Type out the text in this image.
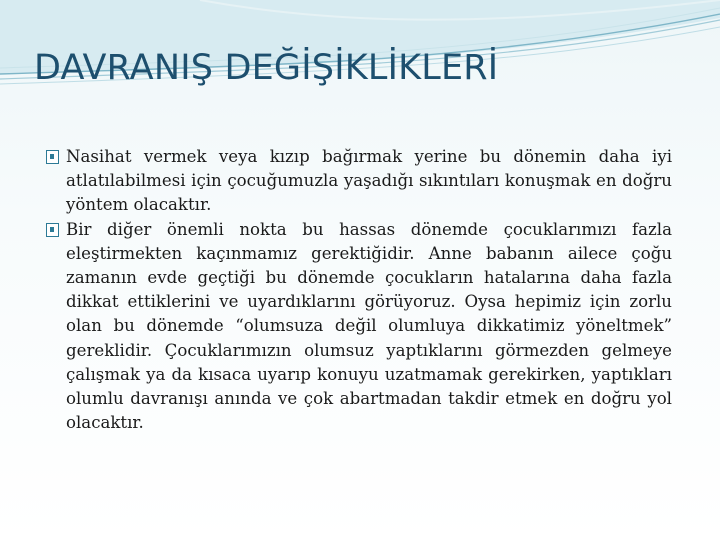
DAVRANIŞ DEĞİŞİKLİKLERİ

Nasihat vermek veya kızıp bağırmak yerine bu dönemin daha iyi atlatılabilmesi için çocuğumuzla yaşadığı sıkıntıları konuşmak en doğru yöntem olacaktır.

Bir diğer önemli nokta bu hassas dönemde çocuklarımızı fazla eleştirmekten kaçınmamız gerektiğidir. Anne babanın ailece çoğu zamanın evde geçtiği bu dönemde çocukların hatalarına daha fazla dikkat ettiklerini ve uyardıklarını görüyoruz. Oysa hepimiz için zorlu olan bu dönemde “olumsuza değil olumluya dikkatimiz yöneltmek” gereklidir. Çocuklarımızın olumsuz yaptıklarını görmezden gelmeye çalışmak ya da kısaca uyarıp konuyu uzatmamak gerekirken, yaptıkları olumlu davranışı anında ve çok abartmadan takdir etmek en doğru yol olacaktır.
